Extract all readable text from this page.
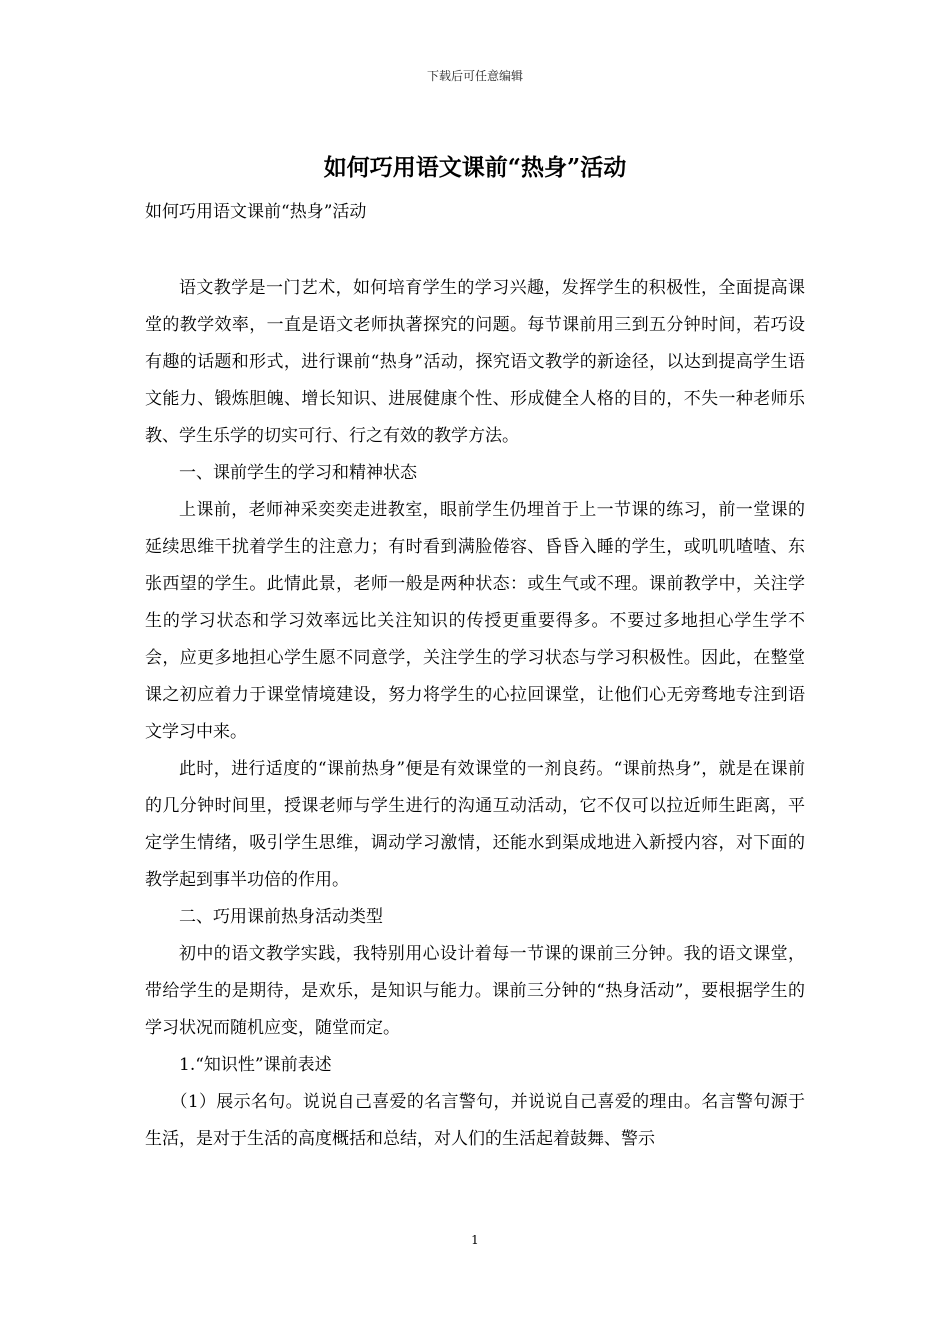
下载后可任意编辑
如何巧用语文课前“热身”活动
如何巧用语文课前“热身”活动

语文教学是一门艺术，如何培育学生的学习兴趣，发挥学生的积极性，全面提高课堂的教学效率，一直是语文老师执著探究的问题。每节课前用三到五分钟时间，若巧设有趣的话题和形式，进行课前“热身”活动，探究语文教学的新途径，以达到提高学生语文能力、锻炼胆魄、增长知识、进展健康个性、形成健全人格的目的，不失一种老师乐教、学生乐学的切实可行、行之有效的教学方法。

一、课前学生的学习和精神状态

上课前，老师神采奕奕走进教室，眼前学生仍埋首于上一节课的练习，前一堂课的延续思维干扰着学生的注意力；有时看到满脸倦容、昏昏入睡的学生，或叽叽喳喳、东张西望的学生。此情此景，老师一般是两种状态：或生气或不理。课前教学中，关注学生的学习状态和学习效率远比关注知识的传授更重要得多。不要过多地担心学生学不会，应更多地担心学生愿不同意学，关注学生的学习状态与学习积极性。因此，在整堂课之初应着力于课堂情境建设，努力将学生的心拉回课堂，让他们心无旁骛地专注到语文学习中来。

此时，进行适度的“课前热身”便是有效课堂的一剂良药。“课前热身”，就是在课前的几分钟时间里，授课老师与学生进行的沟通互动活动，它不仅可以拉近师生距离，平定学生情绪，吸引学生思维，调动学习激情，还能水到渠成地进入新授内容，对下面的教学起到事半功倍的作用。

二、巧用课前热身活动类型

初中的语文教学实践，我特别用心设计着每一节课的课前三分钟。我的语文课堂，带给学生的是期待，是欢乐，是知识与能力。课前三分钟的“热身活动”，要根据学生的学习状况而随机应变，随堂而定。

1.“知识性”课前表述

（1）展示名句。说说自己喜爱的名言警句，并说说自己喜爱的理由。名言警句源于生活，是对于生活的高度概括和总结，对人们的生活起着鼓舞、警示

1
